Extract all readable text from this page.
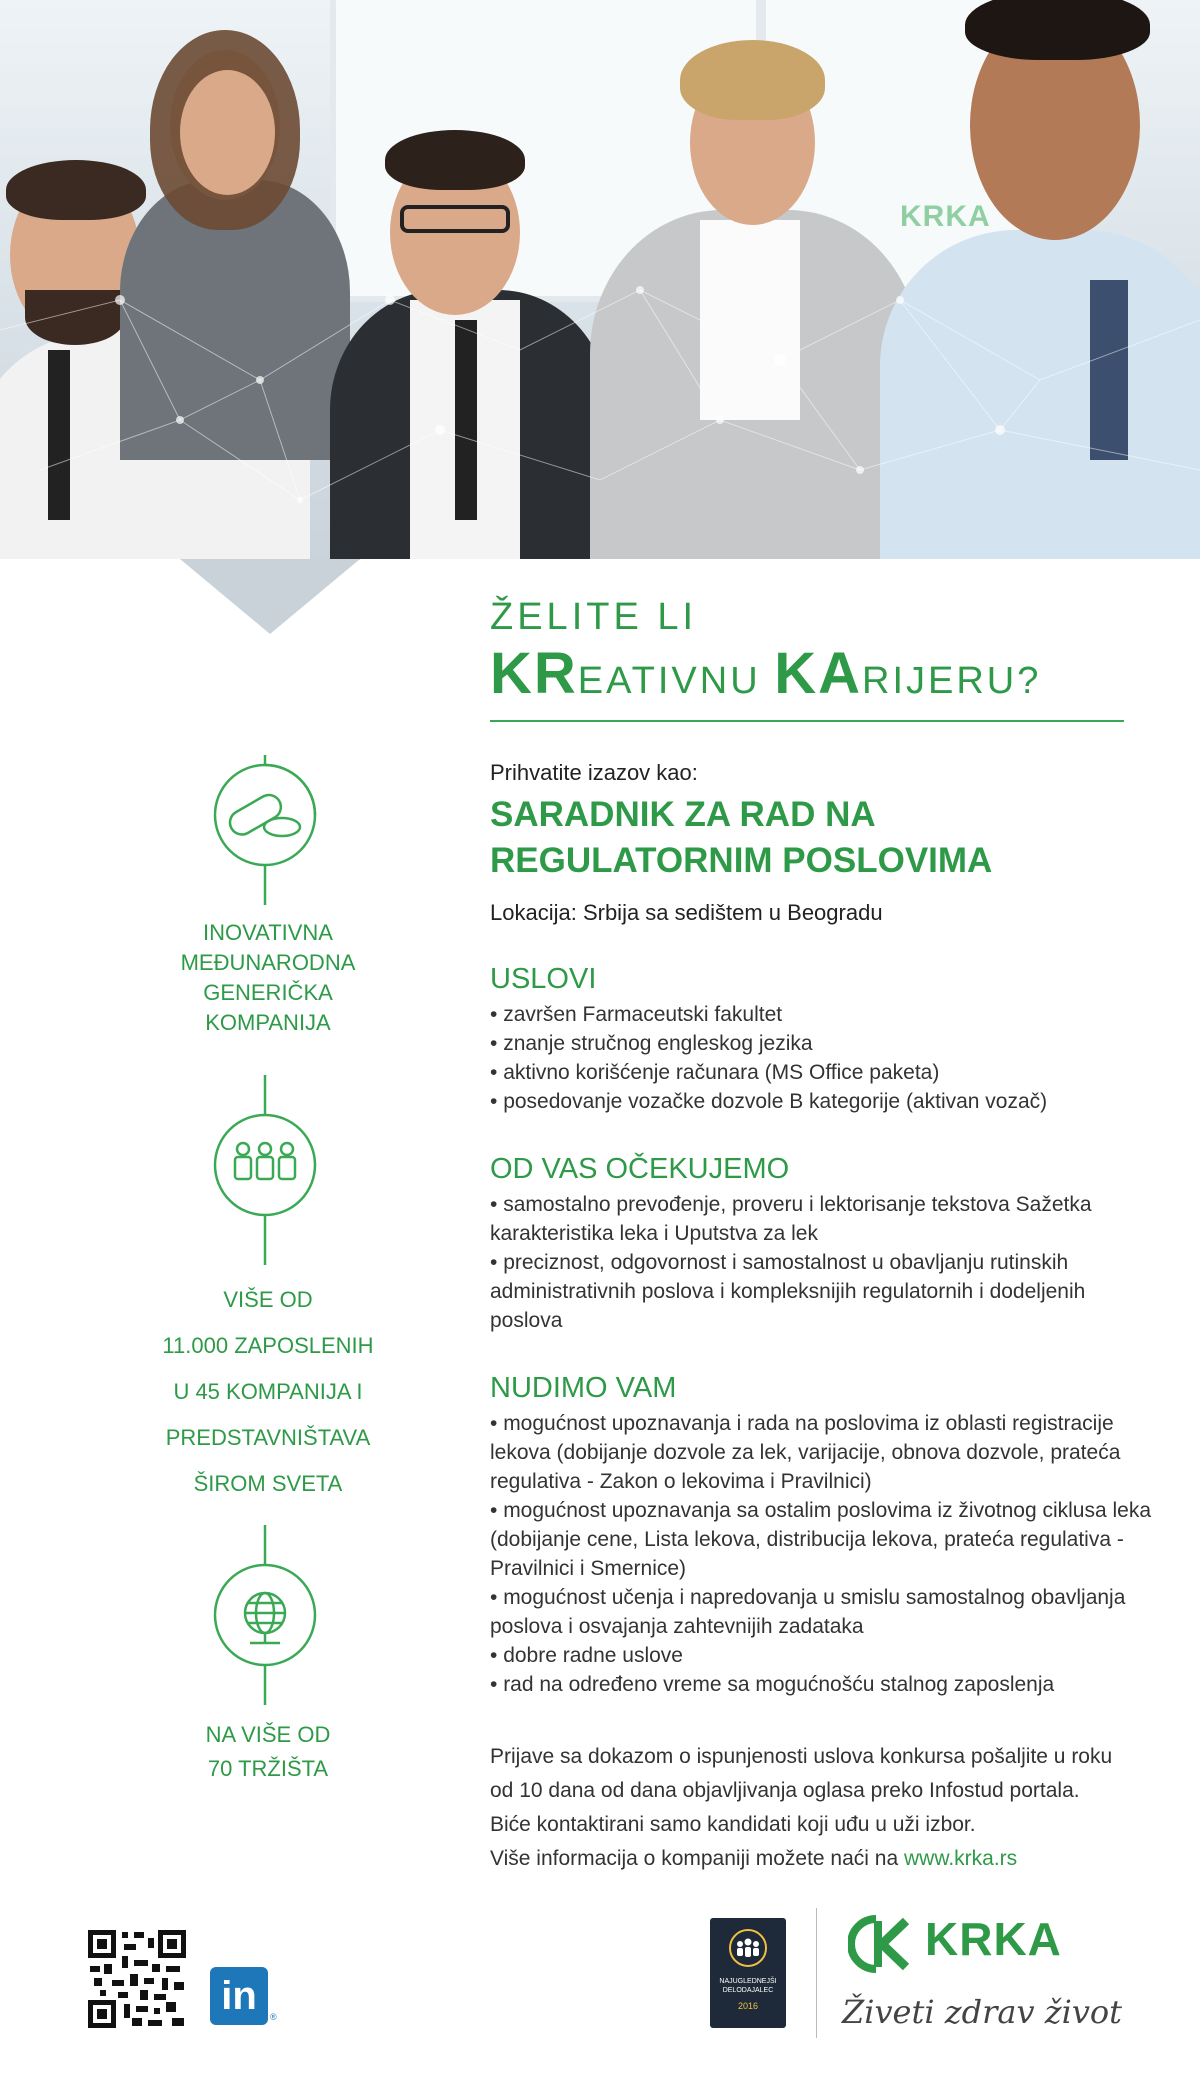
KRKA
ŽELITE LI
KREATIVNU KARIJERU?
Prihvatite izazov kao:
SARADNIK ZA RAD NA
REGULATORNIM POSLOVIMA
Lokacija: Srbija sa sedištem u Beogradu
USLOVI
• završen Farmaceutski fakultet
• znanje stručnog engleskog jezika
• aktivno korišćenje računara (MS Office paketa)
• posedovanje vozačke dozvole B kategorije (aktivan vozač)
OD VAS OČEKUJEMO
• samostalno prevođenje, proveru i lektorisanje tekstova Sažetka karakteristika leka i Uputstva za lek
• preciznost, odgovornost i samostalnost u obavljanju rutinskih administrativnih poslova i kompleksnijih regulatornih i dodeljenih poslova
NUDIMO VAM
• mogućnost upoznavanja i rada na poslovima iz oblasti registracije lekova (dobijanje dozvole za lek, varijacije, obnova dozvole, prateća regulativa - Zakon o lekovima i Pravilnici)
• mogućnost upoznavanja sa ostalim poslovima iz životnog ciklusa leka (dobijanje cene, Lista lekova, distribucija lekova, prateća regulativa - Pravilnici i Smernice)
• mogućnost učenja i napredovanja u smislu samostalnog obavljanja poslova i osvajanja zahtevnijih zadataka
• dobre radne uslove
• rad na određeno vreme sa mogućnošću stalnog zaposlenja
Prijave sa dokazom o ispunjenosti uslova konkursa pošaljite u roku
od 10 dana od dana objavljivanja oglasa preko Infostud portala.
Biće kontaktirani samo kandidati koji uđu u uži izbor.
Više informacija o kompaniji možete naći na www.krka.rs
INOVATIVNA
MEĐUNARODNA
GENERIČKA
KOMPANIJA
VIŠE OD
11.000 ZAPOSLENIH
U 45 KOMPANIJA I
PREDSTAVNIŠTAVA
ŠIROM SVETA
NA VIŠE OD
70 TRŽIŠTA
in	®
NAJUGLEDNEJŠI
DELODAJALEC
2016
KRKA
Živeti zdrav život
